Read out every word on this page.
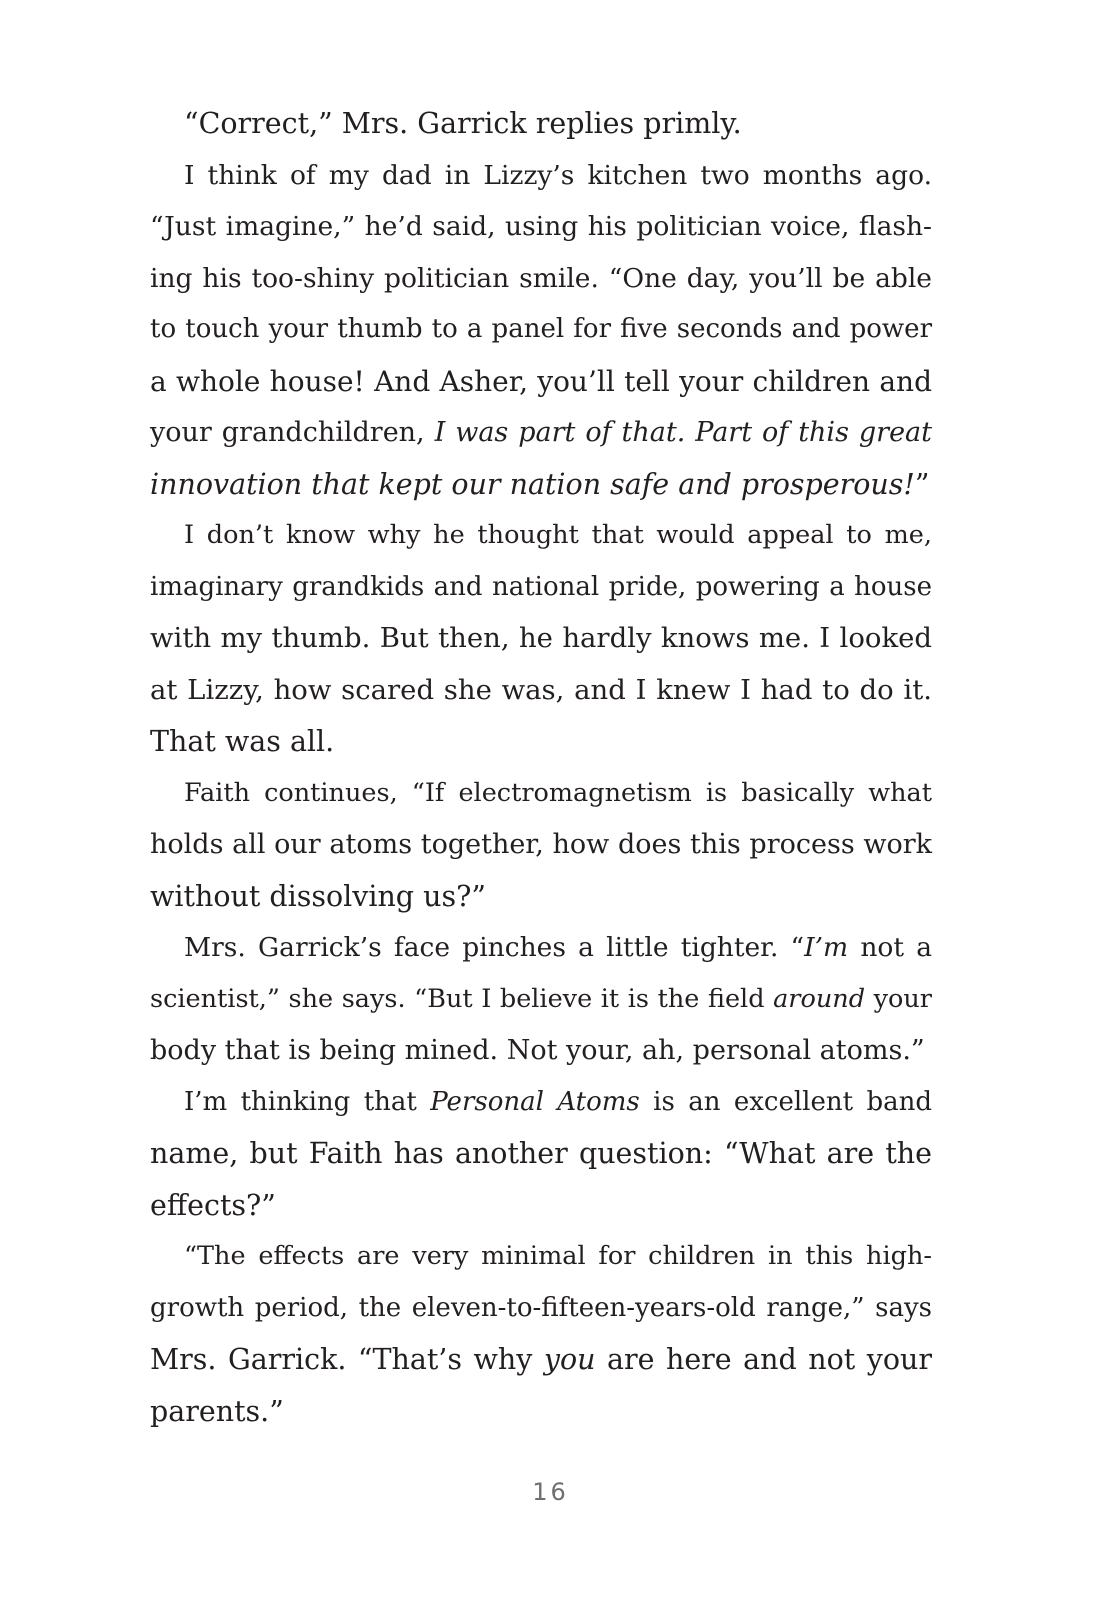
“Correct,” Mrs. Garrick replies primly.
I think of my dad in Lizzy’s kitchen two months ago.
“Just imagine,” he’d said, using his politician voice, flash-
ing his too-shiny politician smile. “One day, you’ll be able
to touch your thumb to a panel for five seconds and power
a whole house! And Asher, you’ll tell your children and
your grandchildren, I was part of that. Part of this great
innovation that kept our nation safe and prosperous!”
I don’t know why he thought that would appeal to me,
imaginary grandkids and national pride, powering a house
with my thumb. But then, he hardly knows me. I looked
at Lizzy, how scared she was, and I knew I had to do it.
That was all.
Faith continues, “If electromagnetism is basically what
holds all our atoms together, how does this process work
without dissolving us?”
Mrs. Garrick’s face pinches a little tighter. “I’m not a
scientist,” she says. “But I believe it is the field around your
body that is being mined. Not your, ah, personal atoms.”
I’m thinking that Personal Atoms is an excellent band
name, but Faith has another question: “What are the
effects?”
“The effects are very minimal for children in this high-
growth period, the eleven-to-fifteen-years-old range,” says
Mrs. Garrick. “That’s why you are here and not your
parents.”
16
